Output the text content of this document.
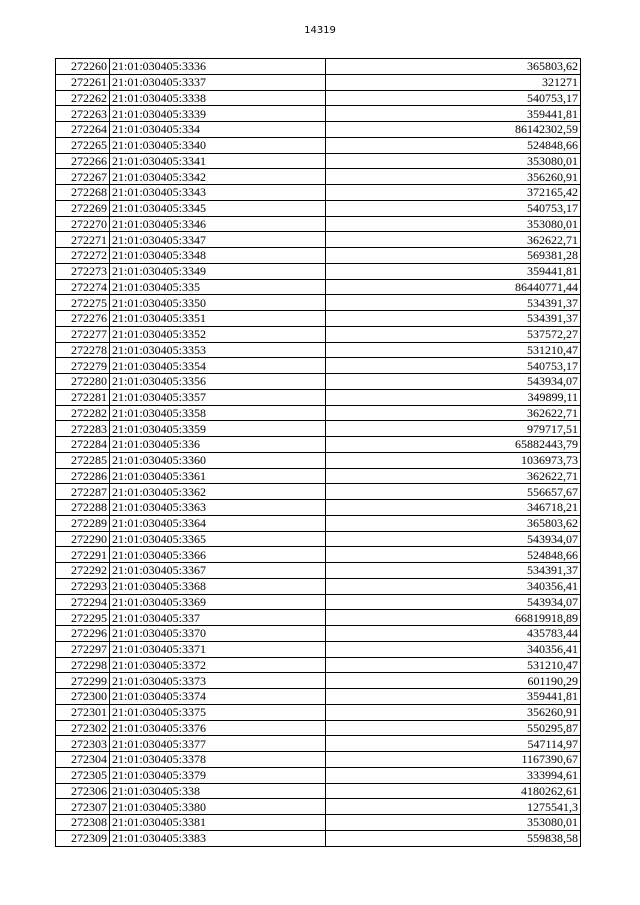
14319
272260	21:01:030405:3336	365803,62
272261	21:01:030405:3337	321271
272262	21:01:030405:3338	540753,17
272263	21:01:030405:3339	359441,81
272264	21:01:030405:334	86142302,59
272265	21:01:030405:3340	524848,66
272266	21:01:030405:3341	353080,01
272267	21:01:030405:3342	356260,91
272268	21:01:030405:3343	372165,42
272269	21:01:030405:3345	540753,17
272270	21:01:030405:3346	353080,01
272271	21:01:030405:3347	362622,71
272272	21:01:030405:3348	569381,28
272273	21:01:030405:3349	359441,81
272274	21:01:030405:335	86440771,44
272275	21:01:030405:3350	534391,37
272276	21:01:030405:3351	534391,37
272277	21:01:030405:3352	537572,27
272278	21:01:030405:3353	531210,47
272279	21:01:030405:3354	540753,17
272280	21:01:030405:3356	543934,07
272281	21:01:030405:3357	349899,11
272282	21:01:030405:3358	362622,71
272283	21:01:030405:3359	979717,51
272284	21:01:030405:336	65882443,79
272285	21:01:030405:3360	1036973,73
272286	21:01:030405:3361	362622,71
272287	21:01:030405:3362	556657,67
272288	21:01:030405:3363	346718,21
272289	21:01:030405:3364	365803,62
272290	21:01:030405:3365	543934,07
272291	21:01:030405:3366	524848,66
272292	21:01:030405:3367	534391,37
272293	21:01:030405:3368	340356,41
272294	21:01:030405:3369	543934,07
272295	21:01:030405:337	66819918,89
272296	21:01:030405:3370	435783,44
272297	21:01:030405:3371	340356,41
272298	21:01:030405:3372	531210,47
272299	21:01:030405:3373	601190,29
272300	21:01:030405:3374	359441,81
272301	21:01:030405:3375	356260,91
272302	21:01:030405:3376	550295,87
272303	21:01:030405:3377	547114,97
272304	21:01:030405:3378	1167390,67
272305	21:01:030405:3379	333994,61
272306	21:01:030405:338	4180262,61
272307	21:01:030405:3380	1275541,3
272308	21:01:030405:3381	353080,01
272309	21:01:030405:3383	559838,58
